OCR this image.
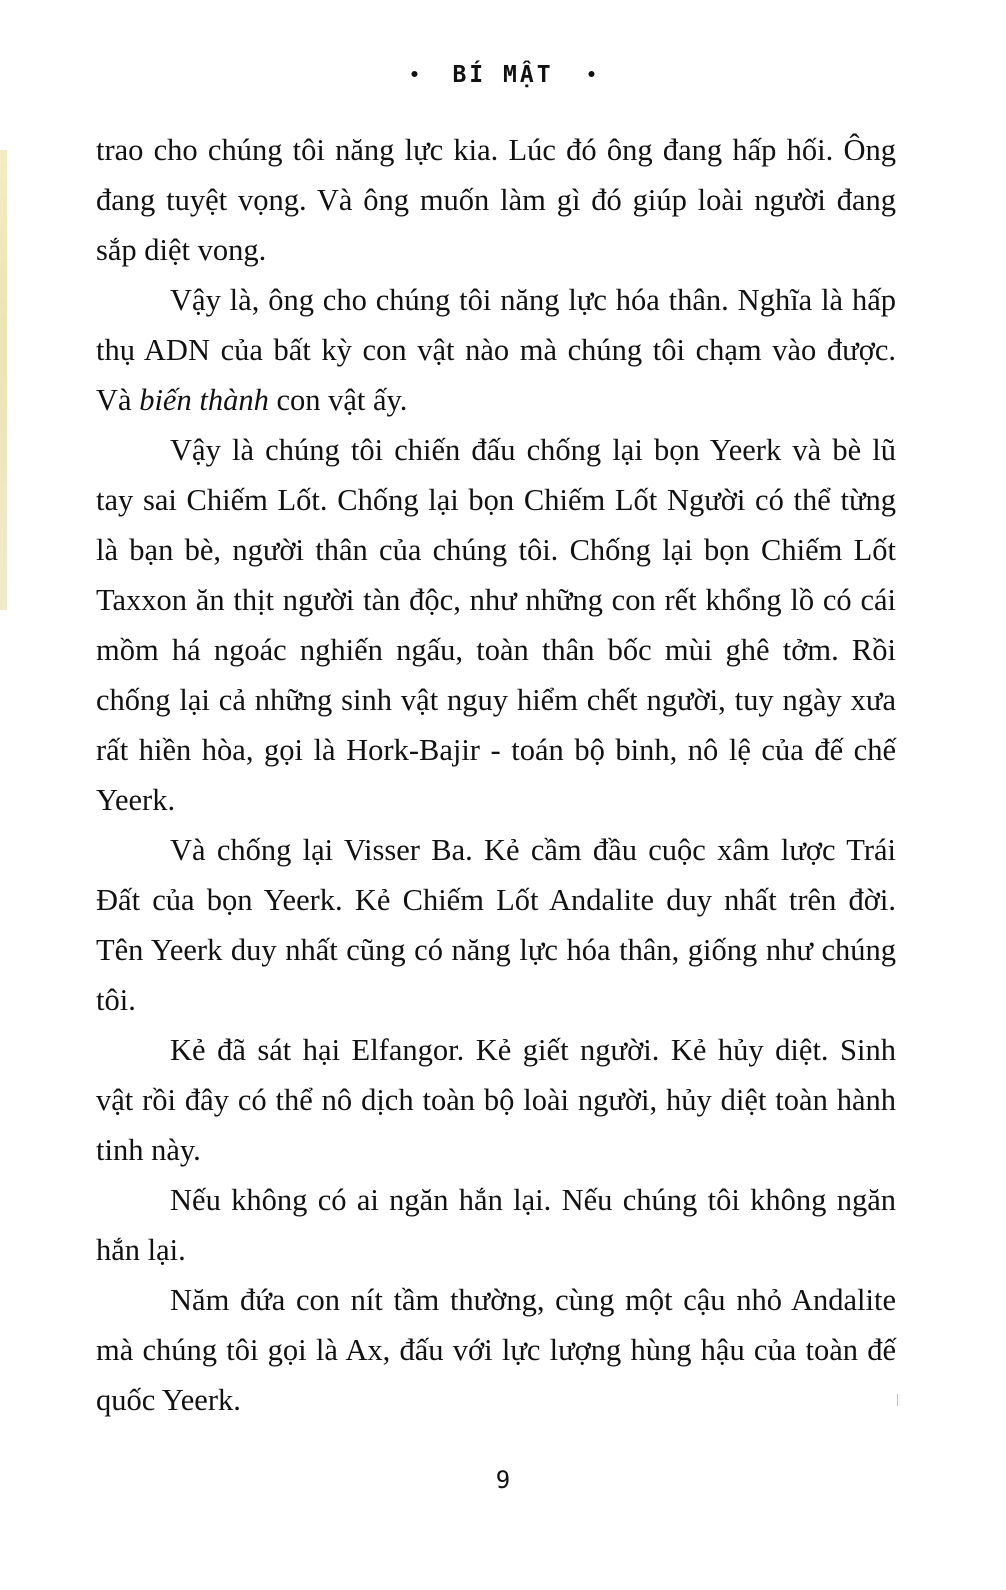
• BÍ MẬT •

trao cho chúng tôi năng lực kia. Lúc đó ông đang hấp hối. Ông đang tuyệt vọng. Và ông muốn làm gì đó giúp loài người đang sắp diệt vong.

Vậy là, ông cho chúng tôi năng lực hóa thân. Nghĩa là hấp thụ ADN của bất kỳ con vật nào mà chúng tôi chạm vào được. Và biến thành con vật ấy.

Vậy là chúng tôi chiến đấu chống lại bọn Yeerk và bè lũ tay sai Chiếm Lốt. Chống lại bọn Chiếm Lốt Người có thể từng là bạn bè, người thân của chúng tôi. Chống lại bọn Chiếm Lốt Taxxon ăn thịt người tàn độc, như những con rết khổng lồ có cái mồm há ngoác nghiến ngấu, toàn thân bốc mùi ghê tởm. Rồi chống lại cả những sinh vật nguy hiểm chết người, tuy ngày xưa rất hiền hòa, gọi là Hork-Bajir - toán bộ binh, nô lệ của đế chế Yeerk.

Và chống lại Visser Ba. Kẻ cầm đầu cuộc xâm lược Trái Đất của bọn Yeerk. Kẻ Chiếm Lốt Andalite duy nhất trên đời. Tên Yeerk duy nhất cũng có năng lực hóa thân, giống như chúng tôi.

Kẻ đã sát hại Elfangor. Kẻ giết người. Kẻ hủy diệt. Sinh vật rồi đây có thể nô dịch toàn bộ loài người, hủy diệt toàn hành tinh này.

Nếu không có ai ngăn hắn lại. Nếu chúng tôi không ngăn hắn lại.

Năm đứa con nít tầm thường, cùng một cậu nhỏ Andalite mà chúng tôi gọi là Ax, đấu với lực lượng hùng hậu của toàn đế quốc Yeerk.

9
